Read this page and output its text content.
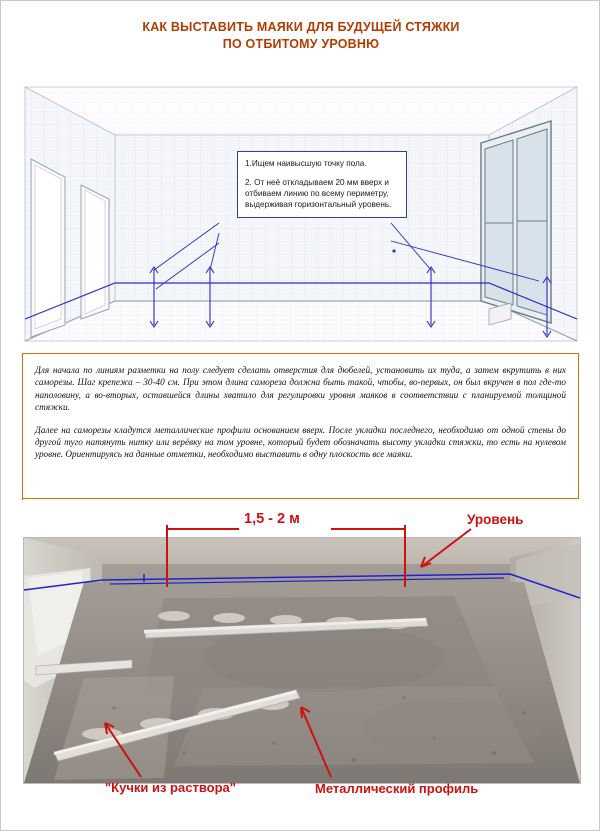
КАК ВЫСТАВИТЬ МАЯКИ ДЛЯ БУДУЩЕЙ СТЯЖКИ
ПО ОТБИТОМУ УРОВНЮ

1.Ищем наивысшую точку пола.

2. От неё откладываем 20 мм вверх и отбиваем линию по всему периметру, выдерживая горизонтальный уровень.

Для начала по линиям разметки на полу следует сделать отверстия для дюбелей, установить их туда, а затем вкрутить в них саморезы. Шаг крепежа – 30-40 см. При этом длина самореза должна быть такой, чтобы, во-первых, он был вкручен в пол где-то наполовину, а во-вторых, оставшейся длины хватило для регулировки уровня маяков в соответствии с планируемой толщиной стяжки.

Далее на саморезы кладутся металлические профили основанием вверх. После укладки последнего, необходимо от одной стены до другой туго натянуть нитку или верёвку на том уровне, который будет обозначать высоту укладки стяжки, то есть на нулевом уровне. Ориентируясь на данные отметки, необходимо выставить в одну плоскость все маяки.

1,5 - 2 м	Уровень
"Кучки из раствора"	Металлический профиль
